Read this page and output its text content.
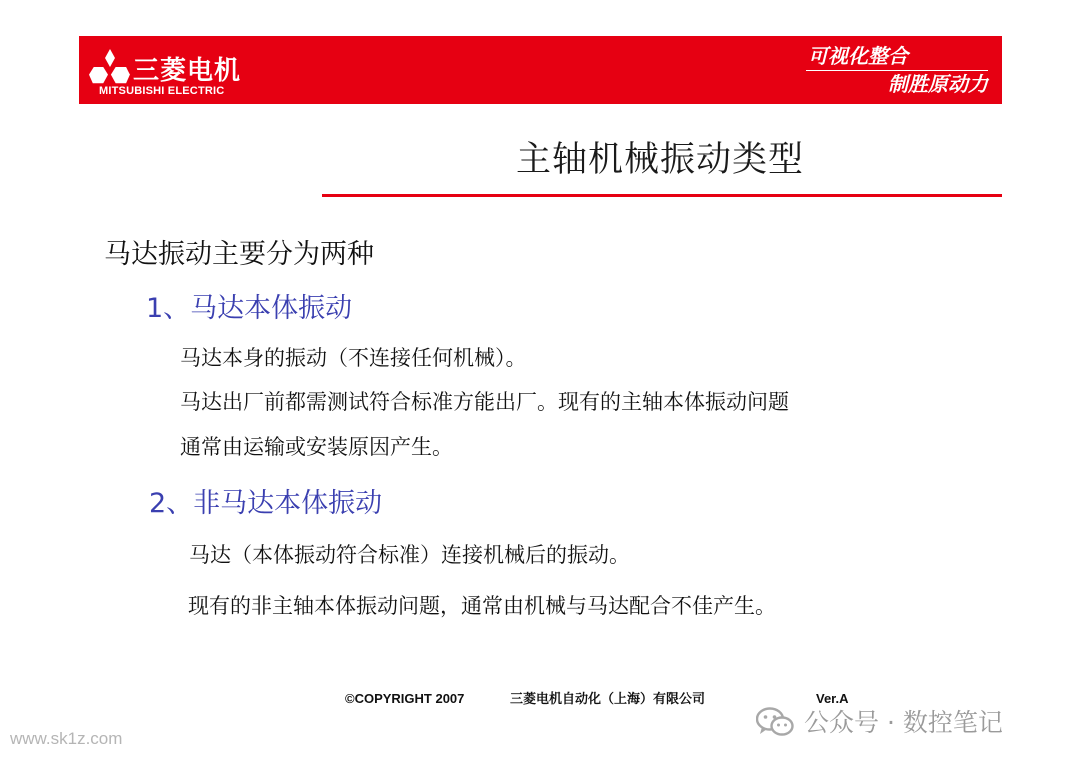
三菱电机
MITSUBISHI ELECTRIC
可视化整合
制胜原动力
主轴机械振动类型
马达振动主要分为两种
1、马达本体振动
马达本身的振动（不连接任何机械）。
马达出厂前都需测试符合标准方能出厂。现有的主轴本体振动问题
通常由运输或安装原因产生。
2、非马达本体振动
马达（本体振动符合标准）连接机械后的振动。
现有的非主轴本体振动问题，通常由机械与马达配合不佳产生。
©COPYRIGHT 2007	三菱电机自动化（上海）有限公司	Ver.A
www.sk1z.com
公众号 · 数控笔记
